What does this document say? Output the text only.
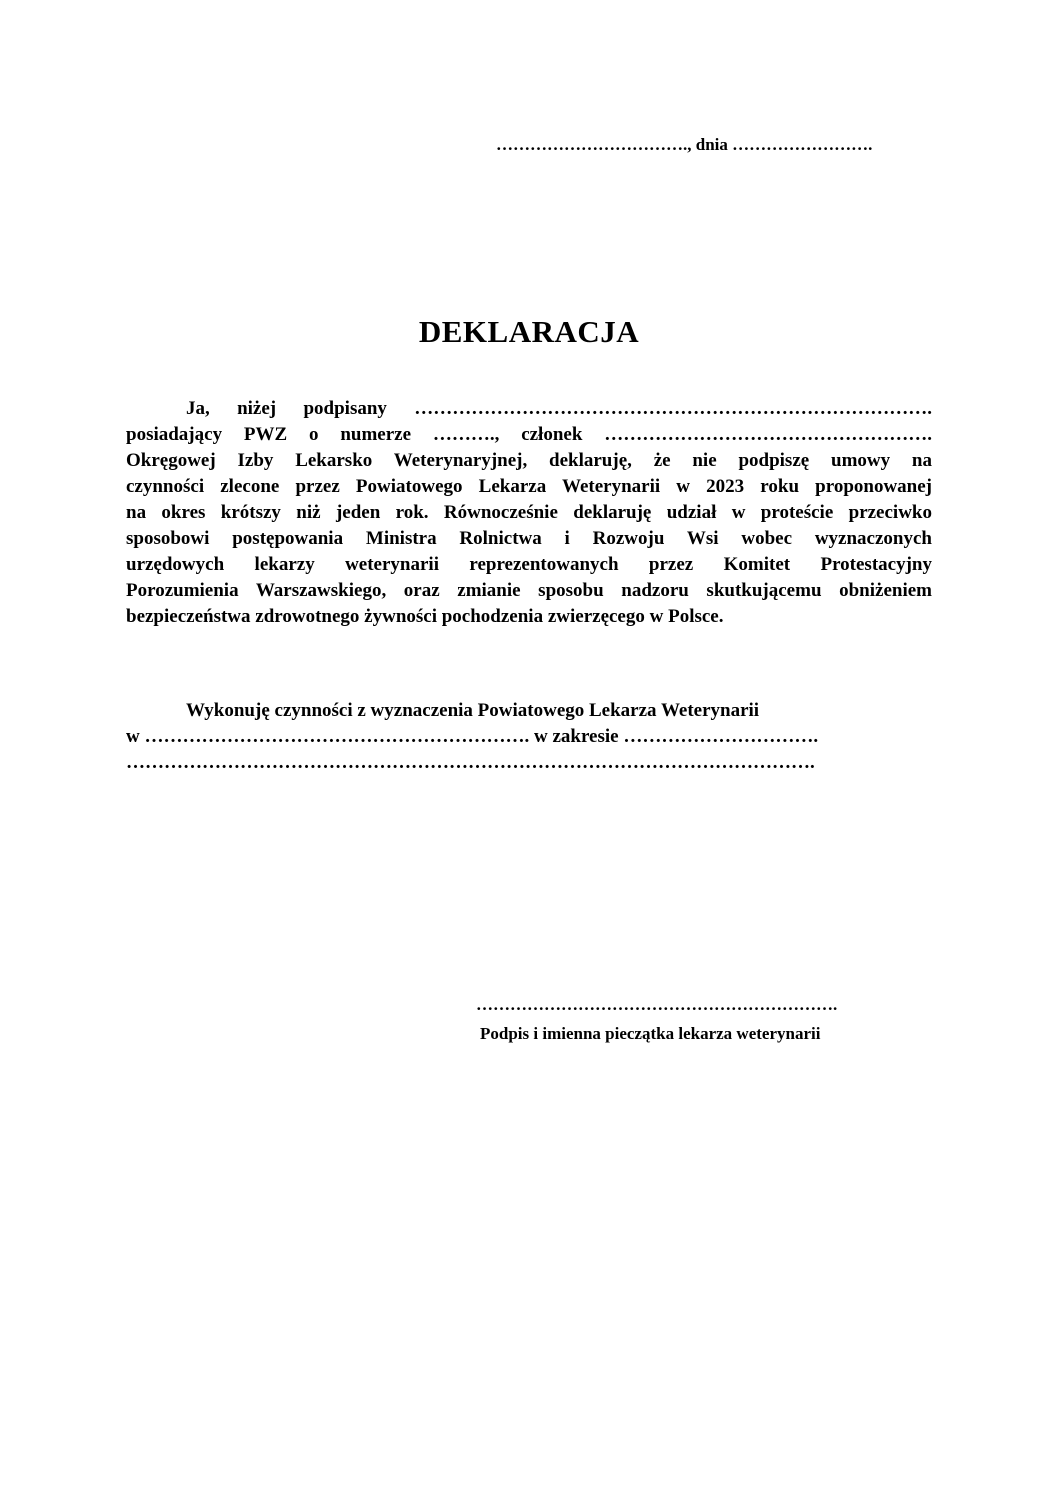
……………………………., dnia …………………….
DEKLARACJA
Ja, niżej podpisany ……………………………………………………………………….
posiadający PWZ o numerze ………., członek …………………………………………….
Okręgowej Izby Lekarsko Weterynaryjnej, deklaruję, że nie podpiszę umowy na
czynności zlecone przez Powiatowego Lekarza Weterynarii w 2023 roku proponowanej
na okres krótszy niż jeden rok. Równocześnie deklaruję udział w proteście przeciwko
sposobowi postępowania Ministra Rolnictwa i Rozwoju Wsi wobec wyznaczonych
urzędowych lekarzy weterynarii reprezentowanych przez Komitet Protestacyjny
Porozumienia Warszawskiego, oraz zmianie sposobu nadzoru skutkującemu obniżeniem
bezpieczeństwa zdrowotnego żywności pochodzenia zwierzęcego w Polsce.
Wykonuję czynności z wyznaczenia Powiatowego Lekarza Weterynarii
w ……………………………………………………. w zakresie ………………………….
……………………………………………………………………………………………….
……………………………………………………….
Podpis i imienna pieczątka lekarza weterynarii
